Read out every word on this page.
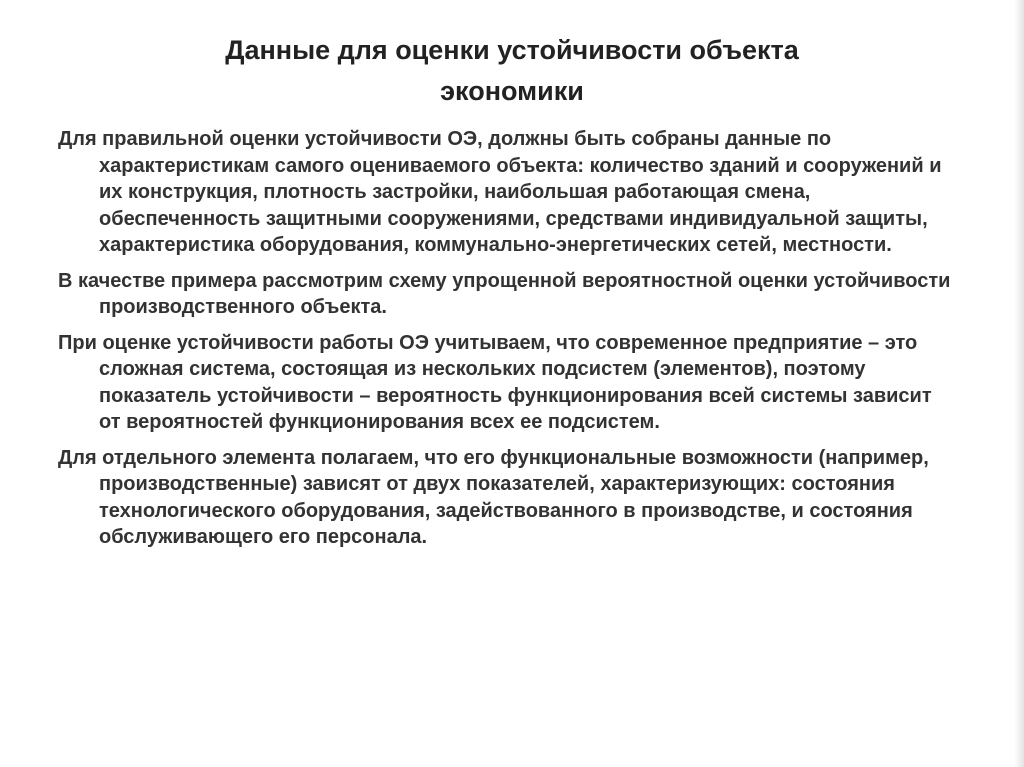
Данные для оценки устойчивости объекта
экономики

Для правильной оценки устойчивости ОЭ, должны быть собраны данные по характеристикам самого оцениваемого объекта: количество зданий и сооружений и их конструкция, плотность застройки, наибольшая работающая смена, обеспеченность защитными сооружениями, средствами индивидуальной защиты, характеристика оборудования, коммунально-энергетических сетей, местности.

В качестве примера рассмотрим схему упрощенной вероятностной оценки устойчивости производственного объекта.

При оценке устойчивости работы ОЭ учитываем, что современное предприятие – это сложная система, состоящая из нескольких подсистем (элементов), поэтому показатель устойчивости – вероятность функционирования всей системы зависит от вероятностей функционирования всех ее подсистем.

Для отдельного элемента полагаем, что его функциональные возможности (например, производственные) зависят от двух показателей, характеризующих: состояния технологического оборудования, задействованного в производстве, и состояния обслуживающего его персонала.
